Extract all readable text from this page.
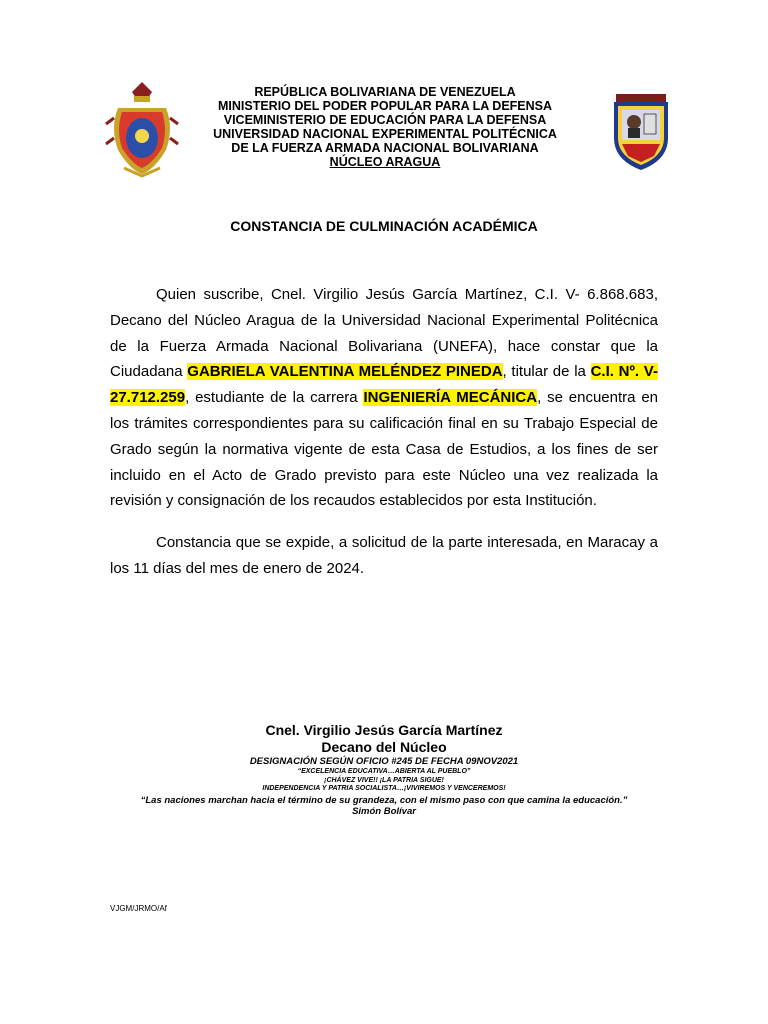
REPÚBLICA BOLIVARIANA DE VENEZUELA
MINISTERIO DEL PODER POPULAR PARA LA DEFENSA
VICEMINISTERIO DE EDUCACIÓN PARA LA DEFENSA
UNIVERSIDAD NACIONAL EXPERIMENTAL POLITÉCNICA
DE LA FUERZA ARMADA NACIONAL BOLIVARIANA
NÚCLEO ARAGUA
CONSTANCIA DE CULMINACIÓN ACADÉMICA

Quien suscribe, Cnel. Virgilio Jesús García Martínez, C.I. V- 6.868.683, Decano del Núcleo Aragua de la Universidad Nacional Experimental Politécnica de la Fuerza Armada Nacional Bolivariana (UNEFA), hace constar que la Ciudadana GABRIELA VALENTINA MELÉNDEZ PINEDA, titular de la C.I. Nº. V- 27.712.259, estudiante de la carrera INGENIERÍA MECÁNICA, se encuentra en los trámites correspondientes para su calificación final en su Trabajo Especial de Grado según la normativa vigente de esta Casa de Estudios, a los fines de ser incluido en el Acto de Grado previsto para este Núcleo una vez realizada la revisión y consignación de los recaudos establecidos por esta Institución.

Constancia que se expide, a solicitud de la parte interesada, en Maracay a los 11 días del mes de enero de 2024.

Cnel. Virgilio Jesús García Martínez
Decano del Núcleo
DESIGNACIÓN SEGÚN OFICIO #245 DE FECHA 09NOV2021
“EXCELENCIA EDUCATIVA…ABIERTA AL PUEBLO”
¡CHÁVEZ VIVE!! ¡LA PATRIA SIGUE!
INDEPENDENCIA Y PATRIA SOCIALISTA…¡VIVIREMOS Y VENCEREMOS!
“Las naciones marchan hacia el término de su grandeza, con el mismo paso con que camina la educación.”
Simón Bolívar
VJGM/JRMO/Af
